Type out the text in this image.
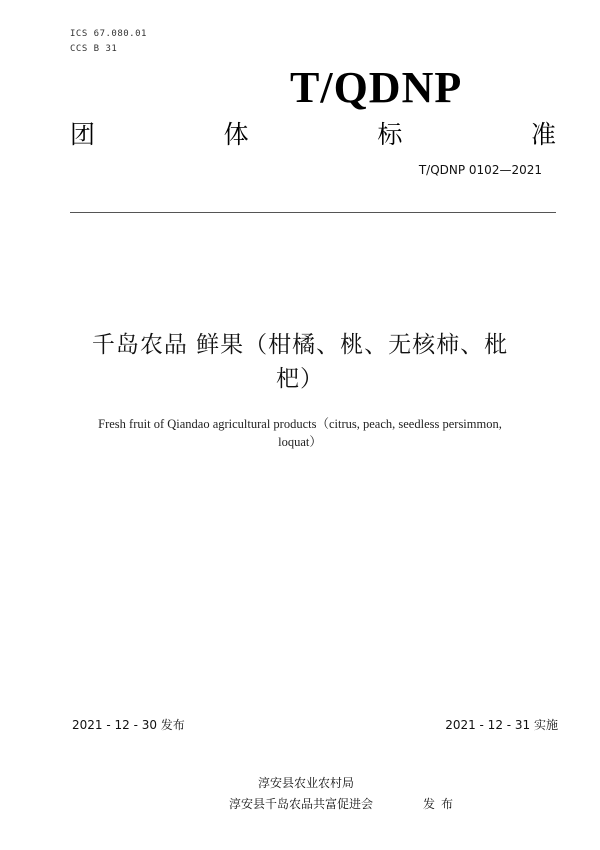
ICS 67.080.01
CCS B 31
T/QDNP
团	体	标	准
T/QDNP 0102—2021
千岛农品 鲜果（柑橘、桃、无核柿、枇
杷）
Fresh fruit of Qiandao agricultural products（citrus, peach, seedless persimmon,
loquat）
2021 - 12 - 30 发布	2021 - 12 - 31 实施
淳安县农业农村局
淳安县千岛农品共富促进会	发布
